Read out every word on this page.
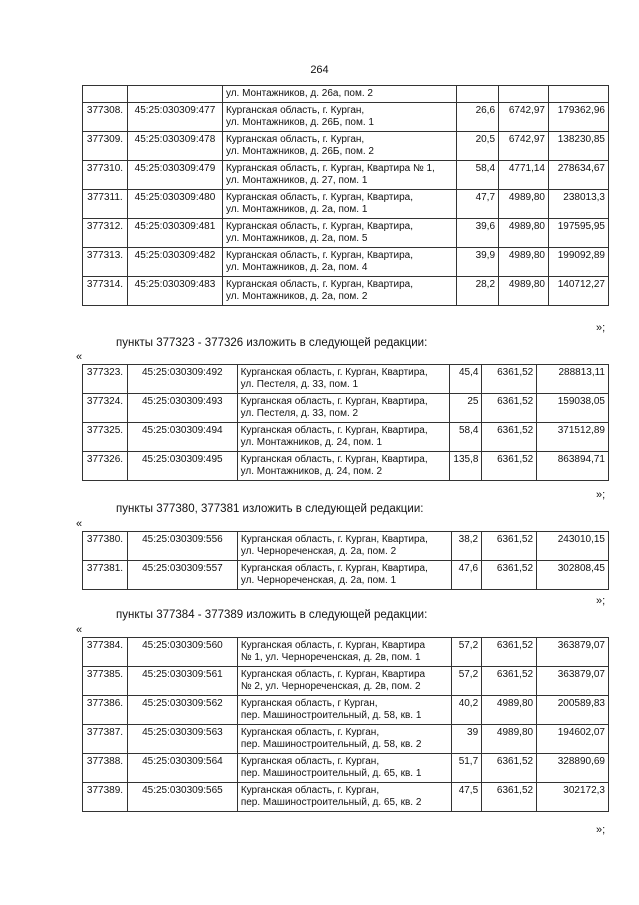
264

		ул. Монтажников, д. 26а, пом. 2			

377308.	45:25:030309:477	Курганская область, г. Курган,
ул. Монтажников, д. 26Б, пом. 1	26,6	6742,97	179362,96
377309.	45:25:030309:478	Курганская область, г. Курган,
ул. Монтажников, д. 26Б, пом. 2	20,5	6742,97	138230,85
377310.	45:25:030309:479	Курганская область, г. Курган, Квартира № 1,
ул. Монтажников, д. 27, пом. 1	58,4	4771,14	278634,67
377311.	45:25:030309:480	Курганская область, г. Курган, Квартира,
ул. Монтажников, д. 2а, пом. 1	47,7	4989,80	238013,3
377312.	45:25:030309:481	Курганская область, г. Курган, Квартира,
ул. Монтажников, д. 2а, пом. 5	39,6	4989,80	197595,95
377313.	45:25:030309:482	Курганская область, г. Курган, Квартира,
ул. Монтажников, д. 2а, пом. 4	39,9	4989,80	199092,89
377314.	45:25:030309:483	Курганская область, г. Курган, Квартира,
ул. Монтажников, д. 2а, пом. 2	28,2	4989,80	140712,27
»;
пункты 377323 - 377326 изложить в следующей редакции:
«
377323.	45:25:030309:492	Курганская область, г. Курган, Квартира,
ул. Пестеля, д. 33, пом. 1	45,4	6361,52	288813,11
377324.	45:25:030309:493	Курганская область, г. Курган, Квартира,
ул. Пестеля, д. 33, пом. 2	25	6361,52	159038,05
377325.	45:25:030309:494	Курганская область, г. Курган, Квартира,
ул. Монтажников, д. 24, пом. 1	58,4	6361,52	371512,89
377326.	45:25:030309:495	Курганская область, г. Курган, Квартира,
ул. Монтажников, д. 24, пом. 2	135,8	6361,52	863894,71
»;
пункты 377380, 377381 изложить в следующей редакции:
«
377380.	45:25:030309:556	Курганская область, г. Курган, Квартира,
ул. Черноречeнская, д. 2а, пом. 2	38,2	6361,52	243010,15
377381.	45:25:030309:557	Курганская область, г. Курган, Квартира,
ул. Черноречeнская, д. 2а, пом. 1	47,6	6361,52	302808,45
»;
пункты 377384 - 377389 изложить в следующей редакции:
«
377384.	45:25:030309:560	Курганская область, г. Курган, Квартира
№ 1, ул. Черноречeнская, д. 2в, пом. 1	57,2	6361,52	363879,07
377385.	45:25:030309:561	Курганская область, г. Курган, Квартира
№ 2, ул. Черноречeнская, д. 2в, пом. 2	57,2	6361,52	363879,07
377386.	45:25:030309:562	Курганская область, г Курган,
пер. Машиностроительный, д. 58, кв. 1	40,2	4989,80	200589,83
377387.	45:25:030309:563	Курганская область, г. Курган,
пер. Машиностроительный, д. 58, кв. 2	39	4989,80	194602,07
377388.	45:25:030309:564	Курганская область, г. Курган,
пер. Машиностроительный, д. 65, кв. 1	51,7	6361,52	328890,69
377389.	45:25:030309:565	Курганская область, г. Курган,
пер. Машиностроительный, д. 65, кв. 2	47,5	6361,52	302172,3
»;
